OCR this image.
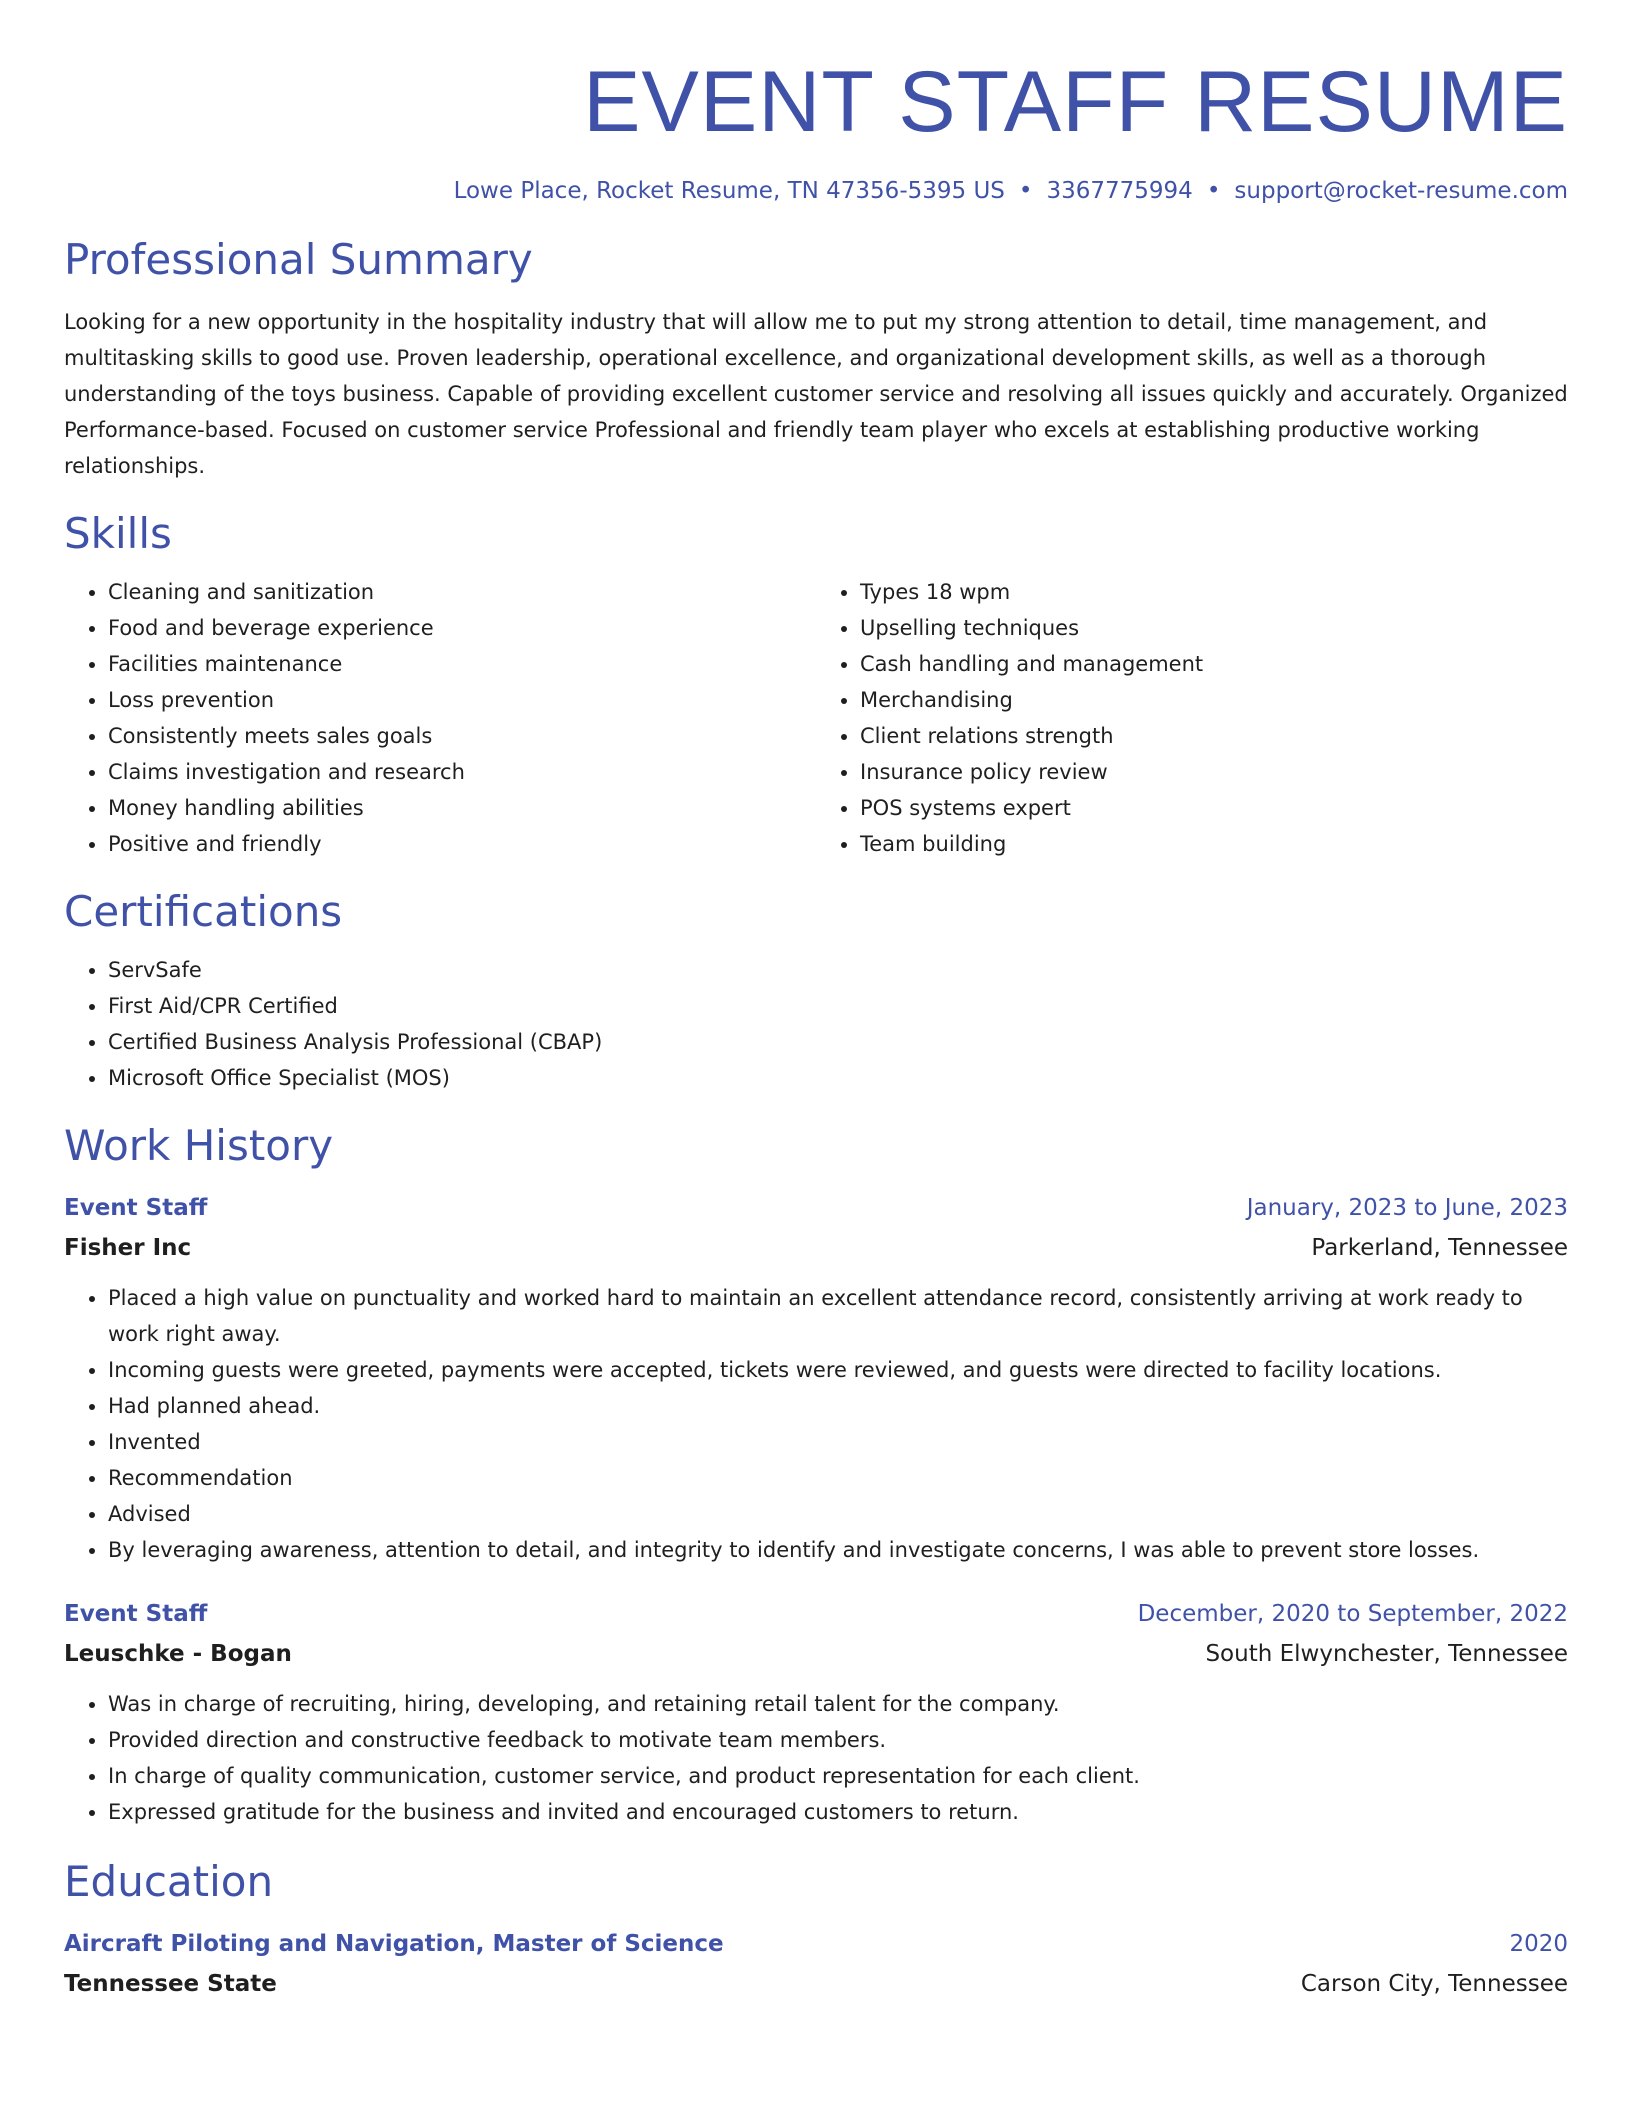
EVENT STAFF RESUME
Lowe Place, Rocket Resume, TN 47356-5395 US • 3367775994 • support@rocket-resume.com
Professional Summary

Looking for a new opportunity in the hospitality industry that will allow me to put my strong attention to detail, time management, and multitasking skills to good use. Proven leadership, operational excellence, and organizational development skills, as well as a thorough understanding of the toys business. Capable of providing excellent customer service and resolving all issues quickly and accurately. Organized Performance-based. Focused on customer service Professional and friendly team player who excels at establishing productive working relationships.

Skills
• Cleaning and sanitization
• Food and beverage experience
• Facilities maintenance
• Loss prevention
• Consistently meets sales goals
• Claims investigation and research
• Money handling abilities
• Positive and friendly
• Types 18 wpm
• Upselling techniques
• Cash handling and management
• Merchandising
• Client relations strength
• Insurance policy review
• POS systems expert
• Team building
Certifications
• ServSafe
• First Aid/CPR Certified
• Certified Business Analysis Professional (CBAP)
• Microsoft Office Specialist (MOS)
Work History
Event Staff	January, 2023 to June, 2023
Fisher Inc	Parkerland, Tennessee
• Placed a high value on punctuality and worked hard to maintain an excellent attendance record, consistently arriving at work ready to work right away.
• Incoming guests were greeted, payments were accepted, tickets were reviewed, and guests were directed to facility locations.
• Had planned ahead.
• Invented
• Recommendation
• Advised
• By leveraging awareness, attention to detail, and integrity to identify and investigate concerns, I was able to prevent store losses.
Event Staff	December, 2020 to September, 2022
Leuschke - Bogan	South Elwynchester, Tennessee
• Was in charge of recruiting, hiring, developing, and retaining retail talent for the company.
• Provided direction and constructive feedback to motivate team members.
• In charge of quality communication, customer service, and product representation for each client.
• Expressed gratitude for the business and invited and encouraged customers to return.
Education
Aircraft Piloting and Navigation, Master of Science	2020
Tennessee State	Carson City, Tennessee
